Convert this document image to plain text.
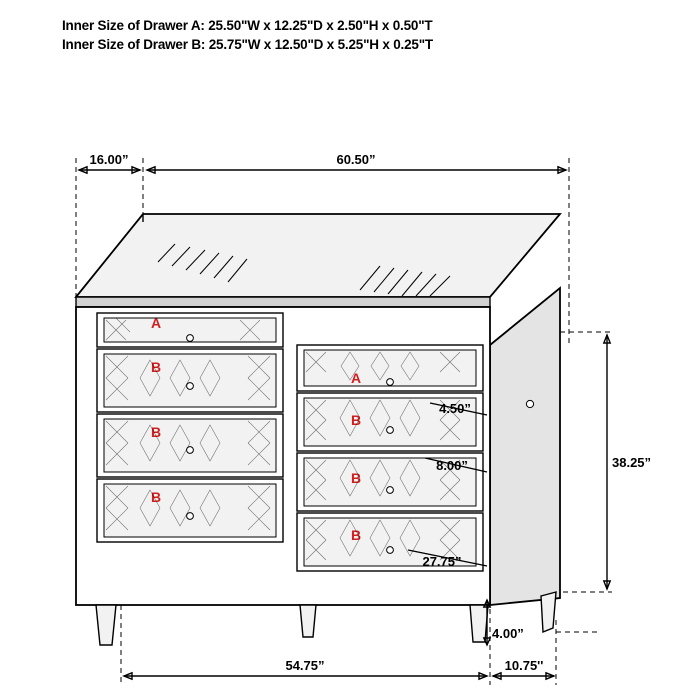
Inner Size of Drawer A: 25.50"W x 12.25"D x 2.50"H x 0.50"T
Inner Size of Drawer B: 25.75"W x 12.50"D x 5.25"H x 0.25"T
16.00”	60.50”
A
B
B
B
A
B
B
B
4.50”
8.00”
27.75”
38.25”
4.00”
54.75”	10.75''
